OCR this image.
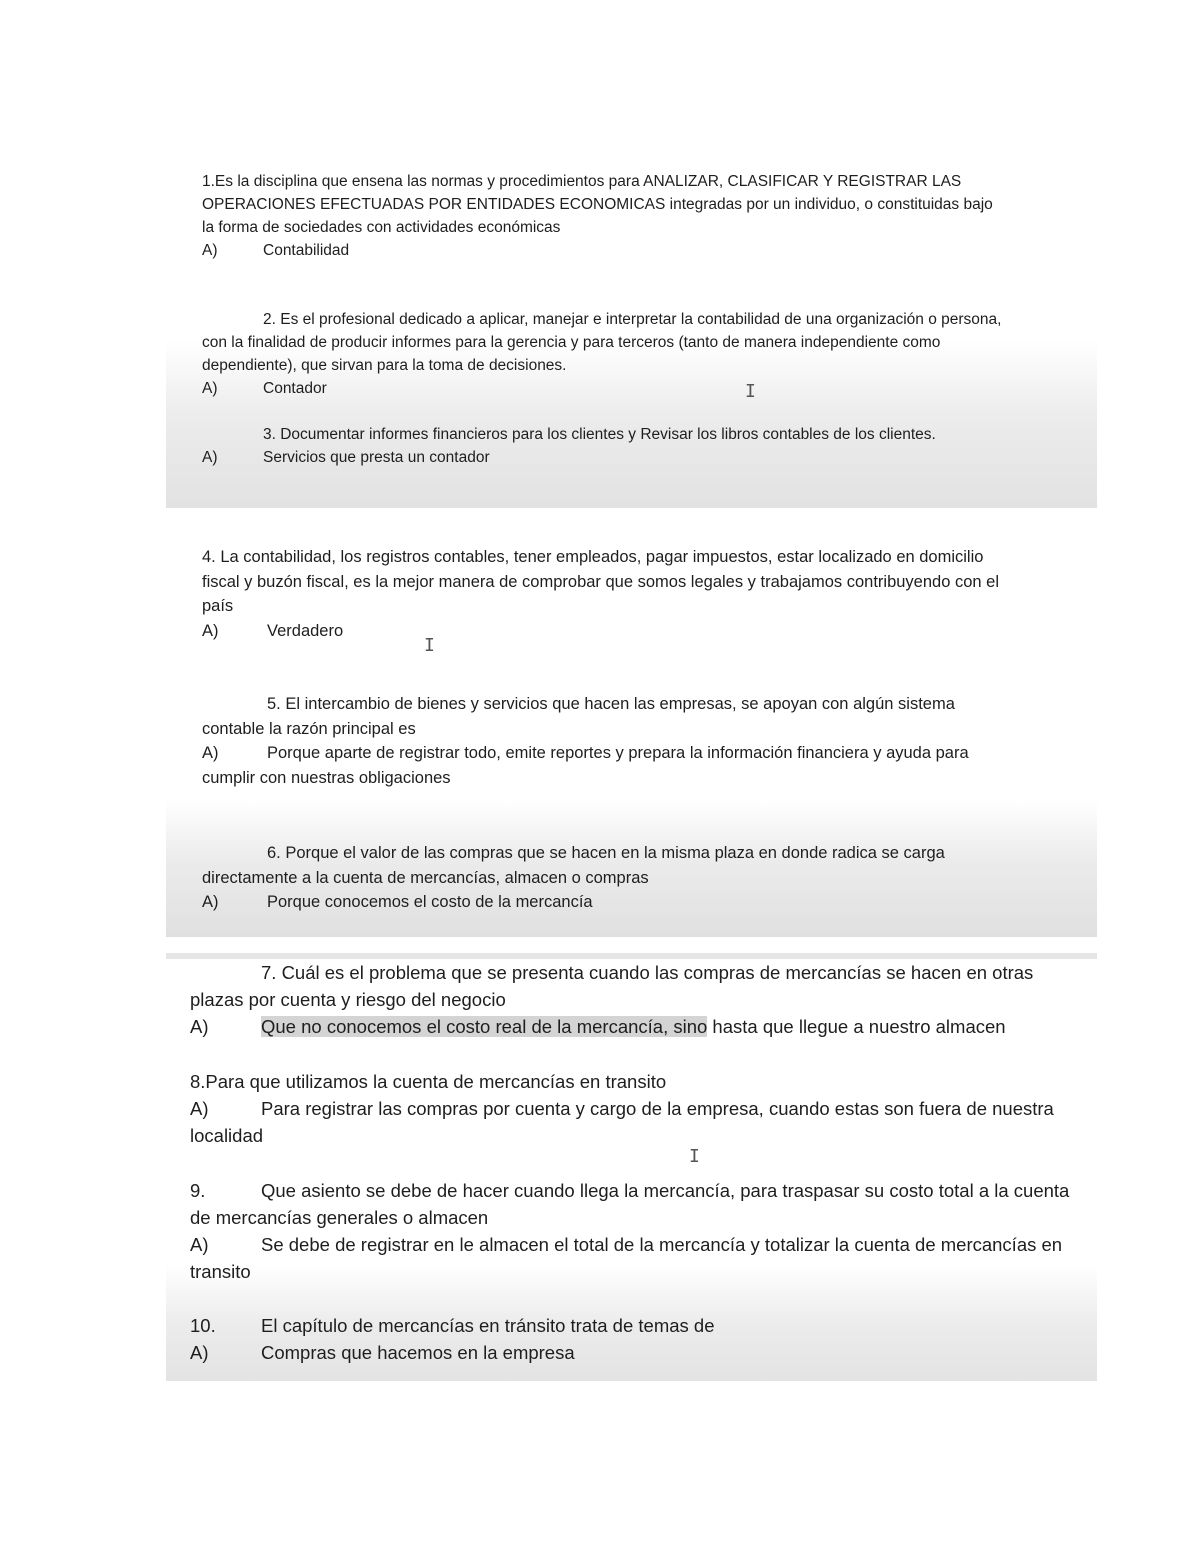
1.Es la disciplina que ensena las normas y procedimientos para ANALIZAR, CLASIFICAR Y REGISTRAR LAS OPERACIONES EFECTUADAS POR ENTIDADES ECONOMICAS integradas por un individuo, o constituidas bajo la forma de sociedades con actividades económicas

A)	Contabilidad

2. Es el profesional dedicado a aplicar, manejar e interpretar la contabilidad de una organización o persona, con la finalidad de producir informes para la gerencia y para terceros (tanto de manera independiente como dependiente), que sirvan para la toma de decisiones.

A)	Contador

3. Documentar informes financieros para los clientes y Revisar los libros contables de los clientes.

A)	Servicios que presta un contador

4. La contabilidad, los registros contables, tener empleados, pagar impuestos, estar localizado en domicilio fiscal y buzón fiscal, es la mejor manera de comprobar que somos legales y trabajamos contribuyendo con el país

A)	Verdadero

5. El intercambio de bienes y servicios que hacen las empresas, se apoyan con algún sistema contable la razón principal es

A)	Porque aparte de registrar todo, emite reportes y prepara la información financiera y ayuda para cumplir con nuestras obligaciones

6. Porque el valor de las compras que se hacen en la misma plaza en donde radica se carga directamente a la cuenta de mercancías, almacen o compras

A)	Porque conocemos el costo de la mercancía

7. Cuál es el problema que se presenta cuando las compras de mercancías se hacen en otras plazas por cuenta y riesgo del negocio

A)	Que no conocemos el costo real de la mercancía, sino hasta que llegue a nuestro almacen

8.Para que utilizamos la cuenta de mercancías en transito

A)	Para registrar las compras por cuenta y cargo de la empresa, cuando estas son fuera de nuestra localidad

9.	Que asiento se debe de hacer cuando llega la mercancía, para traspasar su costo total a la cuenta de mercancías generales o almacen

A)	Se debe de registrar en le almacen el total de la mercancía y totalizar la cuenta de mercancías en transito

10. El capítulo de mercancías en tránsito trata de temas de

A)	Compras que hacemos en la empresa

I
I
I
